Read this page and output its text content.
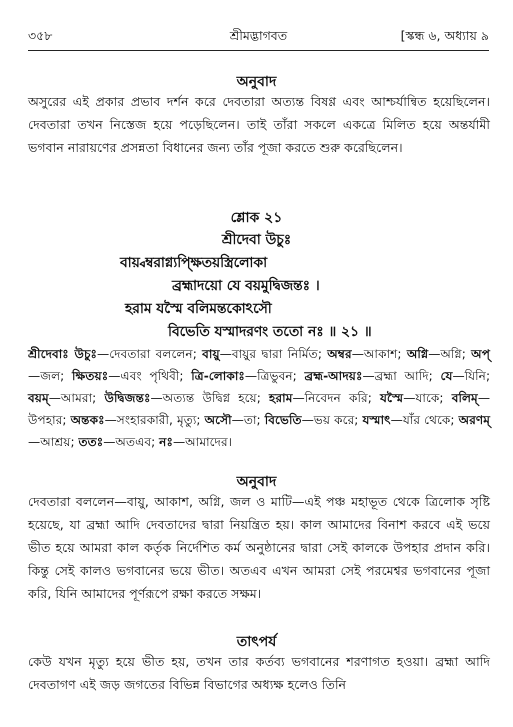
৩৫৮	শ্রীমদ্ভাগবত	[স্কন্ধ ৬, অধ্যায় ৯
অনুবাদ
অসুরের এই প্রকার প্রভাব দর্শন করে দেবতারা অত্যন্ত বিষণ্ণ এবং আশ্চর্যান্বিত হয়েছিলেন। দেবতারা তখন নিস্তেজ হয়ে পড়েছিলেন। তাই তাঁরা সকলে একত্রে মিলিত হয়ে অন্তর্যামী ভগবান নারায়ণের প্রসন্নতা বিধানের জন্য তাঁর পূজা করতে শুরু করেছিলেন।
শ্লোক ২১
শ্রীদেবা উচুঃ
বায়্বম্বরাগ্ন্যপ্ক্ষিতয়স্ত্রিলোকা
ব্রহ্মাদয়ো যে বয়মুদ্বিজন্তঃ ।
হরাম যস্মৈ বলিমন্তকোঽসৌ
বিভেতি যস্মাদরণং ততো নঃ ॥ ২১ ॥
শ্রীদেবাঃ উচুঃ—দেবতারা বললেন; বায়ু—বায়ুর দ্বারা নির্মিত; অম্বর—আকাশ; অগ্নি—অগ্নি; অপ্—জল; ক্ষিতয়ঃ—এবং পৃথিবী; ত্রি-লোকাঃ—ত্রিভুবন; ব্রহ্ম-আদয়ঃ—ব্রহ্মা আদি; যে—যিনি; বয়ম্—আমরা; উদ্বিজন্তঃ—অত্যন্ত উদ্বিগ্ন হয়ে; হরাম—নিবেদন করি; যস্মৈ—যাকে; বলিম্—উপহার; অন্তকঃ—সংহারকারী, মৃত্যু; অসৌ—তা; বিভেতি—ভয় করে; যস্মাৎ—যাঁর থেকে; অরণম্—আশ্রয়; ততঃ—অতএব; নঃ—আমাদের।
অনুবাদ
দেবতারা বললেন—বায়ু, আকাশ, অগ্নি, জল ও মাটি—এই পঞ্চ মহাভূত থেকে ত্রিলোক সৃষ্টি হয়েছে, যা ব্রহ্মা আদি দেবতাদের দ্বারা নিয়ন্ত্রিত হয়। কাল আমাদের বিনাশ করবে এই ভয়ে ভীত হয়ে আমরা কাল কর্তৃক নির্দেশিত কর্ম অনুষ্ঠানের দ্বারা সেই কালকে উপহার প্রদান করি। কিন্তু সেই কালও ভগবানের ভয়ে ভীত। অতএব এখন আমরা সেই পরমেশ্বর ভগবানের পূজা করি, যিনি আমাদের পূর্ণরূপে রক্ষা করতে সক্ষম।
তাৎপর্য
কেউ যখন মৃত্যু হয়ে ভীত হয়, তখন তার কর্তব্য ভগবানের শরণাগত হওয়া। ব্রহ্মা আদি দেবতাগণ এই জড় জগতের বিভিন্ন বিভাগের অধ্যক্ষ হলেও তিনি
